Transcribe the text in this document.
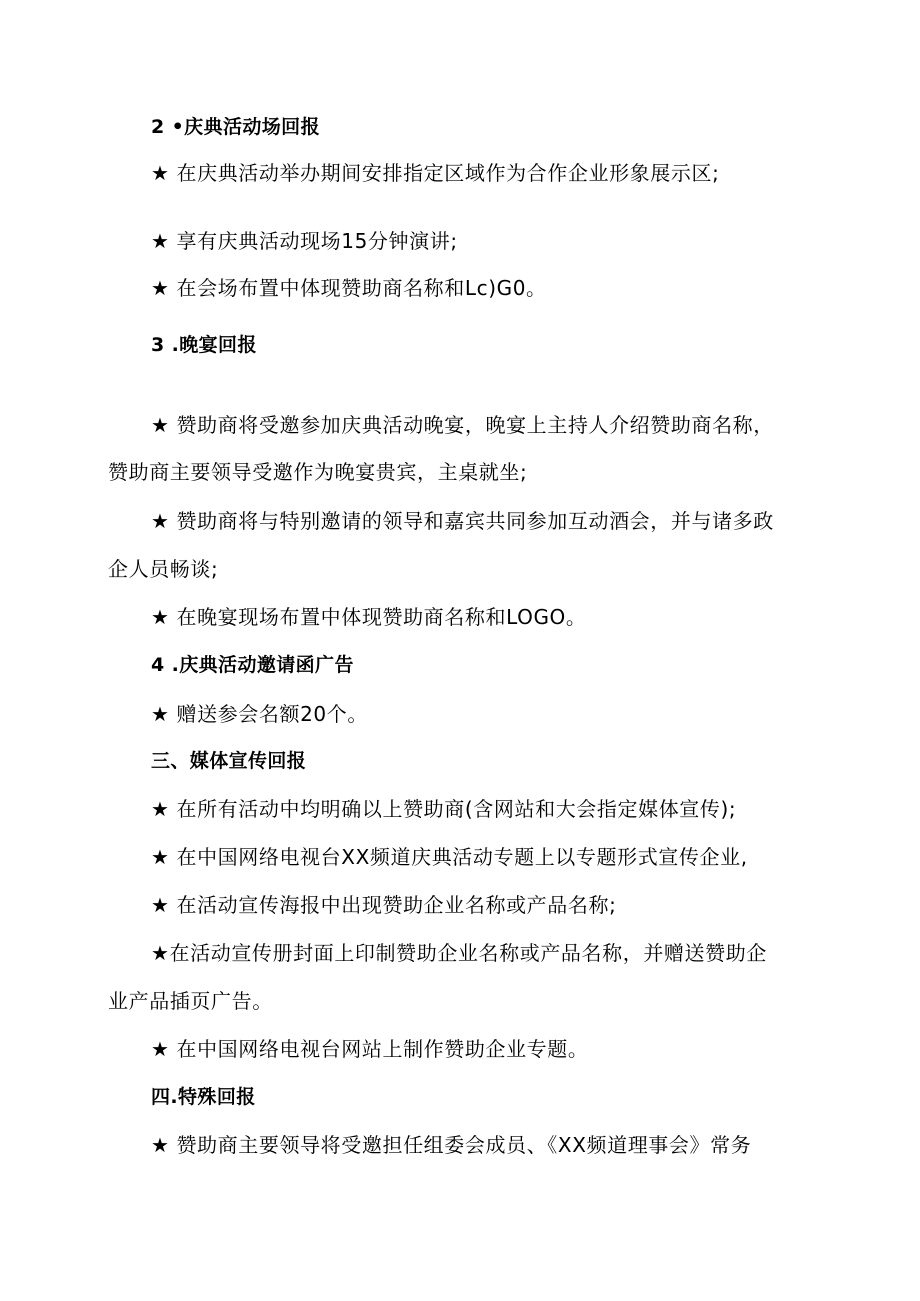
2 •庆典活动场回报
★ 在庆典活动举办期间安排指定区域作为合作企业形象展示区;
★ 享有庆典活动现场15分钟演讲;
★ 在会场布置中体现赞助商名称和Lc)G0。
3 .晚宴回报
★ 赞助商将受邀参加庆典活动晚宴，晚宴上主持人介绍赞助商名称，
赞助商主要领导受邀作为晚宴贵宾，主桌就坐;
★ 赞助商将与特别邀请的领导和嘉宾共同参加互动酒会，并与诸多政
企人员畅谈;
★ 在晚宴现场布置中体现赞助商名称和LOGO。
4 .庆典活动邀请函广告
★ 赠送参会名额20个。
三、媒体宣传回报
★ 在所有活动中均明确以上赞助商(含网站和大会指定媒体宣传);
★ 在中国网络电视台XX频道庆典活动专题上以专题形式宣传企业,
★ 在活动宣传海报中出现赞助企业名称或产品名称;
★在活动宣传册封面上印制赞助企业名称或产品名称，并赠送赞助企
业产品插页广告。
★ 在中国网络电视台网站上制作赞助企业专题。
四.特殊回报
★ 赞助商主要领导将受邀担任组委会成员、《XX频道理事会》常务
